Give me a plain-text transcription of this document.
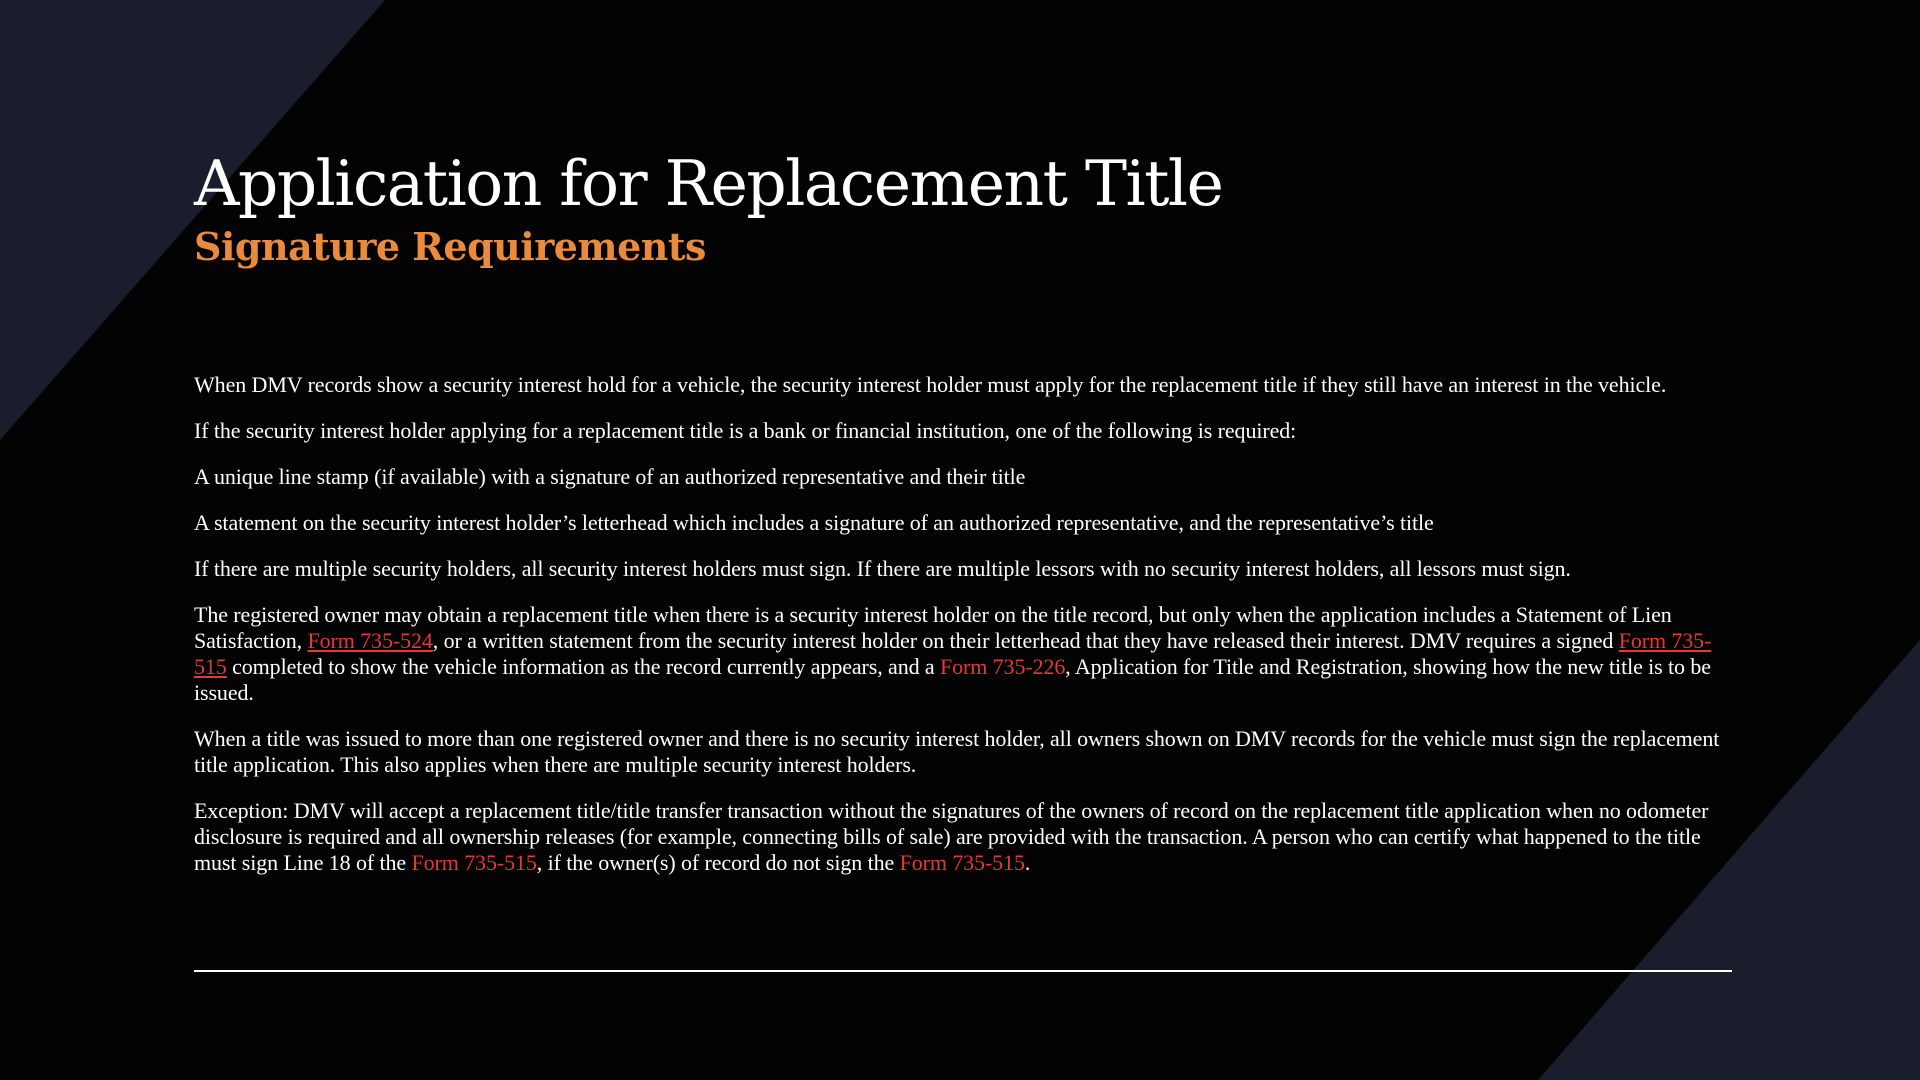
Application for Replacement Title
Signature Requirements

When DMV records show a security interest hold for a vehicle, the security interest holder must apply for the replacement title if they still have an interest in the vehicle.

If the security interest holder applying for a replacement title is a bank or financial institution, one of the following is required:

A unique line stamp (if available) with a signature of an authorized representative and their title

A statement on the security interest holder’s letterhead which includes a signature of an authorized representative, and the representative’s title

If there are multiple security holders, all security interest holders must sign. If there are multiple lessors with no security interest holders, all lessors must sign.

The registered owner may obtain a replacement title when there is a security interest holder on the title record, but only when the application includes a Statement of Lien Satisfaction, Form 735-524, or a written statement from the security interest holder on their letterhead that they have released their interest. DMV requires a signed Form 735-515 completed to show the vehicle information as the record currently appears, and a Form 735-226, Application for Title and Registration, showing how the new title is to be issued.

When a title was issued to more than one registered owner and there is no security interest holder, all owners shown on DMV records for the vehicle must sign the replacement title application. This also applies when there are multiple security interest holders.

Exception: DMV will accept a replacement title/title transfer transaction without the signatures of the owners of record on the replacement title application when no odometer disclosure is required and all ownership releases (for example, connecting bills of sale) are provided with the transaction. A person who can certify what happened to the title must sign Line 18 of the Form 735-515, if the owner(s) of record do not sign the Form 735-515.
